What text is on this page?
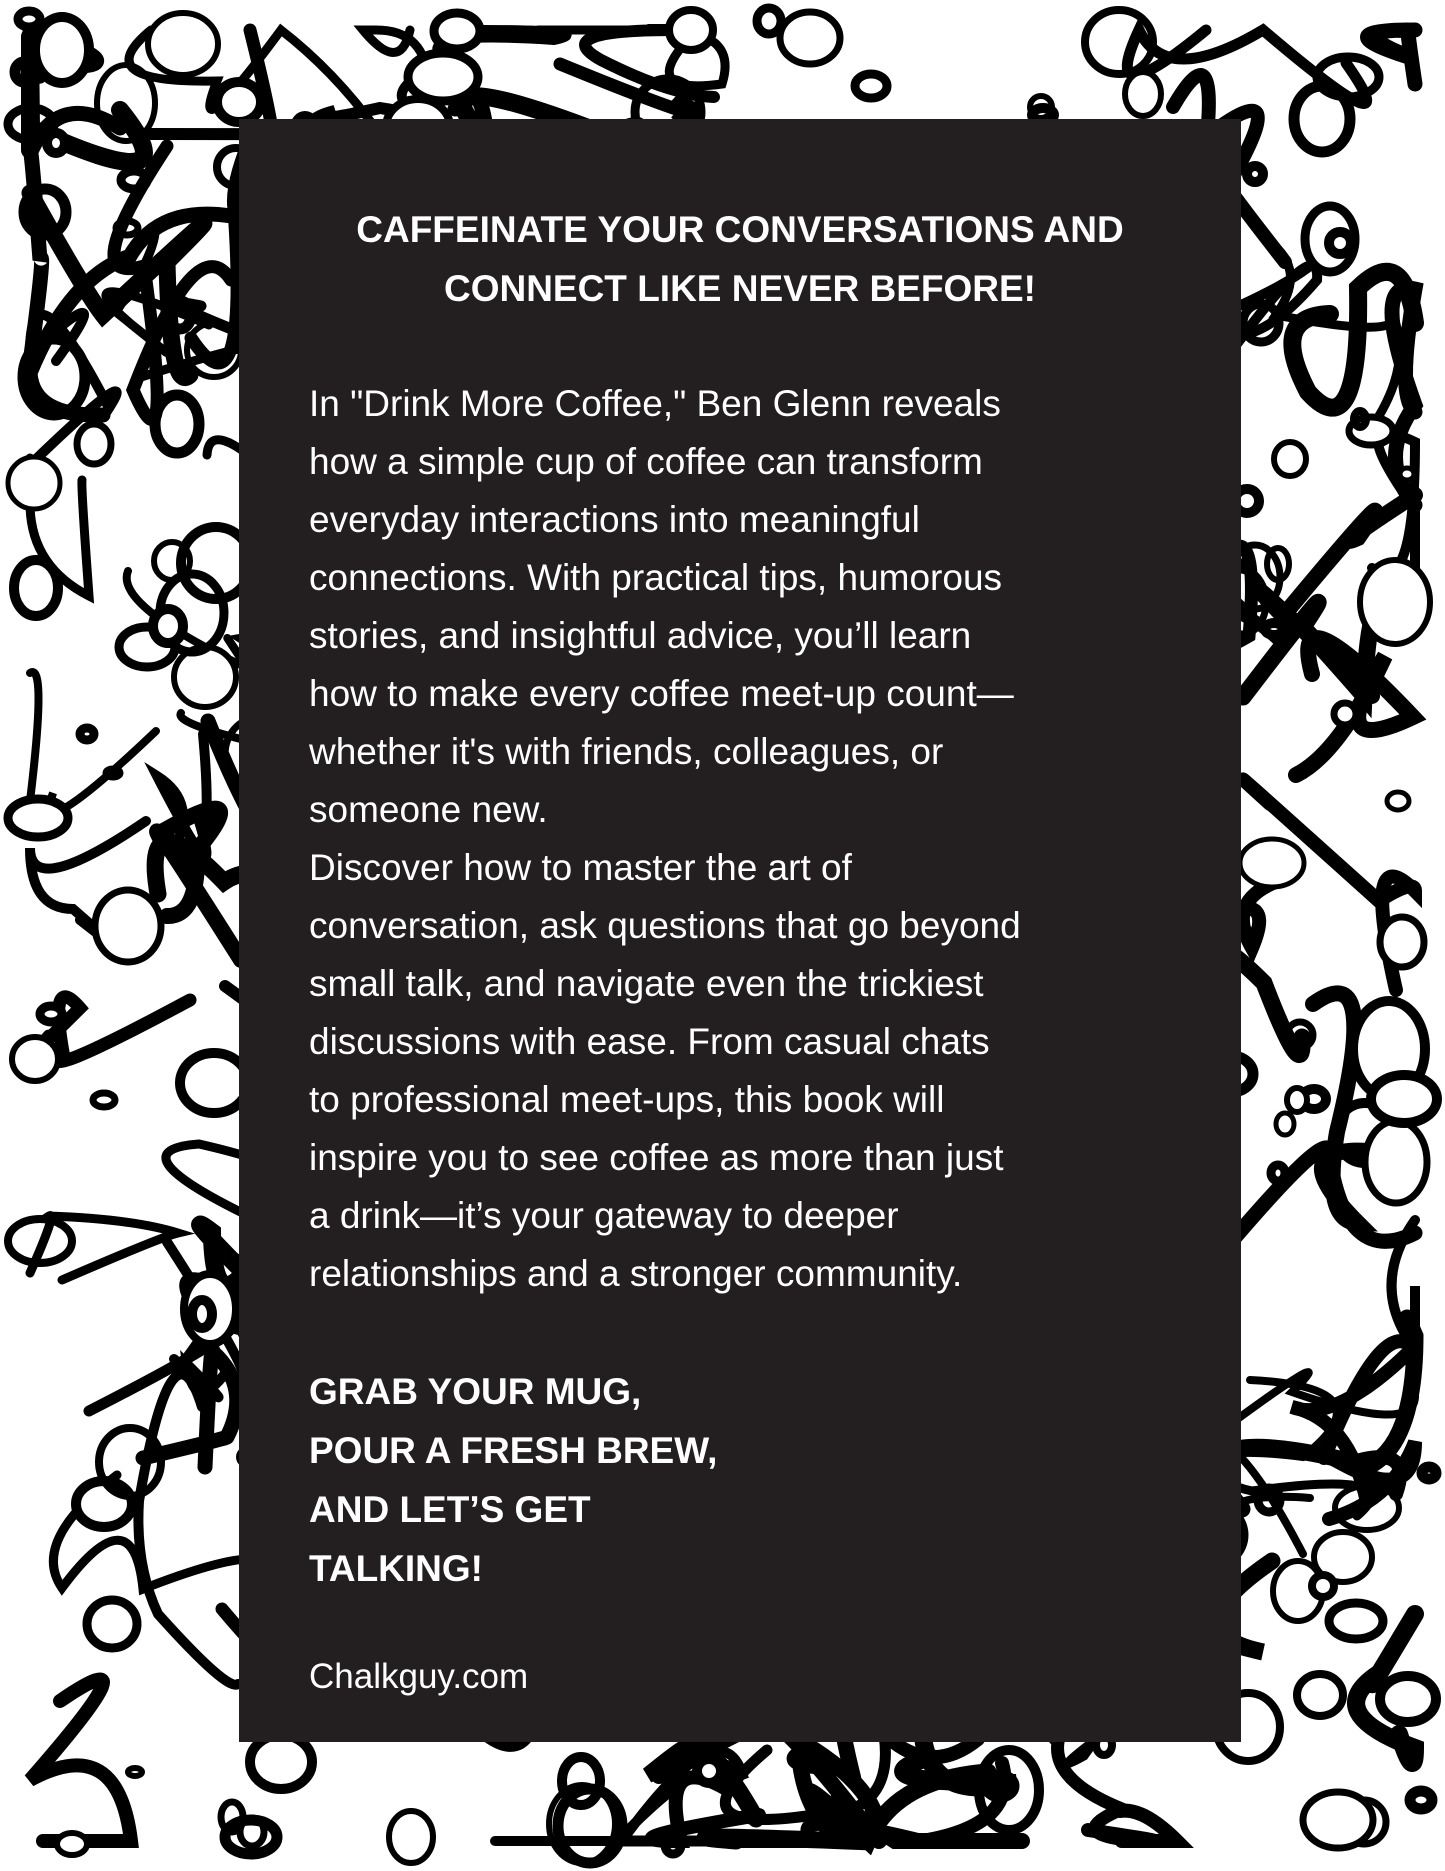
CAFFEINATE YOUR CONVERSATIONS AND
CONNECT LIKE NEVER BEFORE!
In "Drink More Coffee," Ben Glenn reveals
how a simple cup of coffee can transform
everyday interactions into meaningful
connections. With practical tips, humorous
stories, and insightful advice, you’ll learn
how to make every coffee meet-up count—
whether it's with friends, colleagues, or
someone new.
Discover how to master the art of
conversation, ask questions that go beyond
small talk, and navigate even the trickiest
discussions with ease. From casual chats
to professional meet-ups, this book will
inspire you to see coffee as more than just
a drink—it’s your gateway to deeper
relationships and a stronger community.
GRAB YOUR MUG,
POUR A FRESH BREW,
AND LET’S GET
TALKING!
Chalkguy.com
